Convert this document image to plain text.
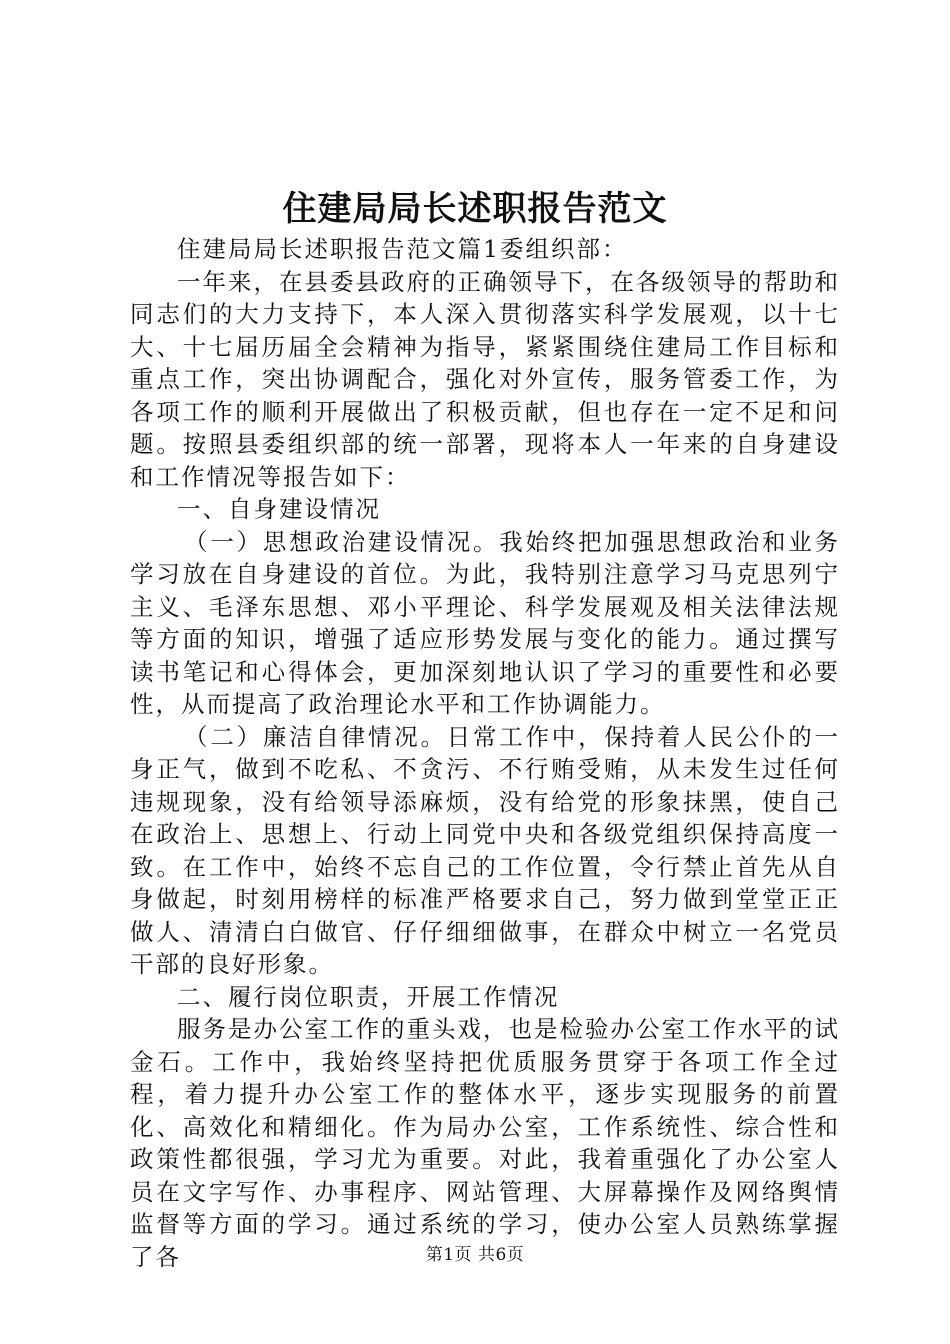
住建局局长述职报告范文

住建局局长述职报告范文篇1委组织部：

一年来，在县委县政府的正确领导下，在各级领导的帮助和同志们的大力支持下，本人深入贯彻落实科学发展观，以十七大、十七届历届全会精神为指导，紧紧围绕住建局工作目标和重点工作，突出协调配合，强化对外宣传，服务管委工作，为各项工作的顺利开展做出了积极贡献，但也存在一定不足和问题。按照县委组织部的统一部署，现将本人一年来的自身建设和工作情况等报告如下：

一、自身建设情况

（一）思想政治建设情况。我始终把加强思想政治和业务学习放在自身建设的首位。为此，我特别注意学习马克思列宁主义、毛泽东思想、邓小平理论、科学发展观及相关法律法规等方面的知识，增强了适应形势发展与变化的能力。通过撰写读书笔记和心得体会，更加深刻地认识了学习的重要性和必要性，从而提高了政治理论水平和工作协调能力。

（二）廉洁自律情况。日常工作中，保持着人民公仆的一身正气，做到不吃私、不贪污、不行贿受贿，从未发生过任何违规现象，没有给领导添麻烦，没有给党的形象抹黑，使自己在政治上、思想上、行动上同党中央和各级党组织保持高度一致。在工作中，始终不忘自己的工作位置，令行禁止首先从自身做起，时刻用榜样的标准严格要求自己，努力做到堂堂正正做人、清清白白做官、仔仔细细做事，在群众中树立一名党员干部的良好形象。

二、履行岗位职责，开展工作情况

服务是办公室工作的重头戏，也是检验办公室工作水平的试金石。工作中，我始终坚持把优质服务贯穿于各项工作全过程，着力提升办公室工作的整体水平，逐步实现服务的前置化、高效化和精细化。作为局办公室，工作系统性、综合性和政策性都很强，学习尤为重要。对此，我着重强化了办公室人员在文字写作、办事程序、网站管理、大屏幕操作及网络舆情监督等方面的学习。通过系统的学习，使办公室人员熟练掌握了各	第1页 共6页
